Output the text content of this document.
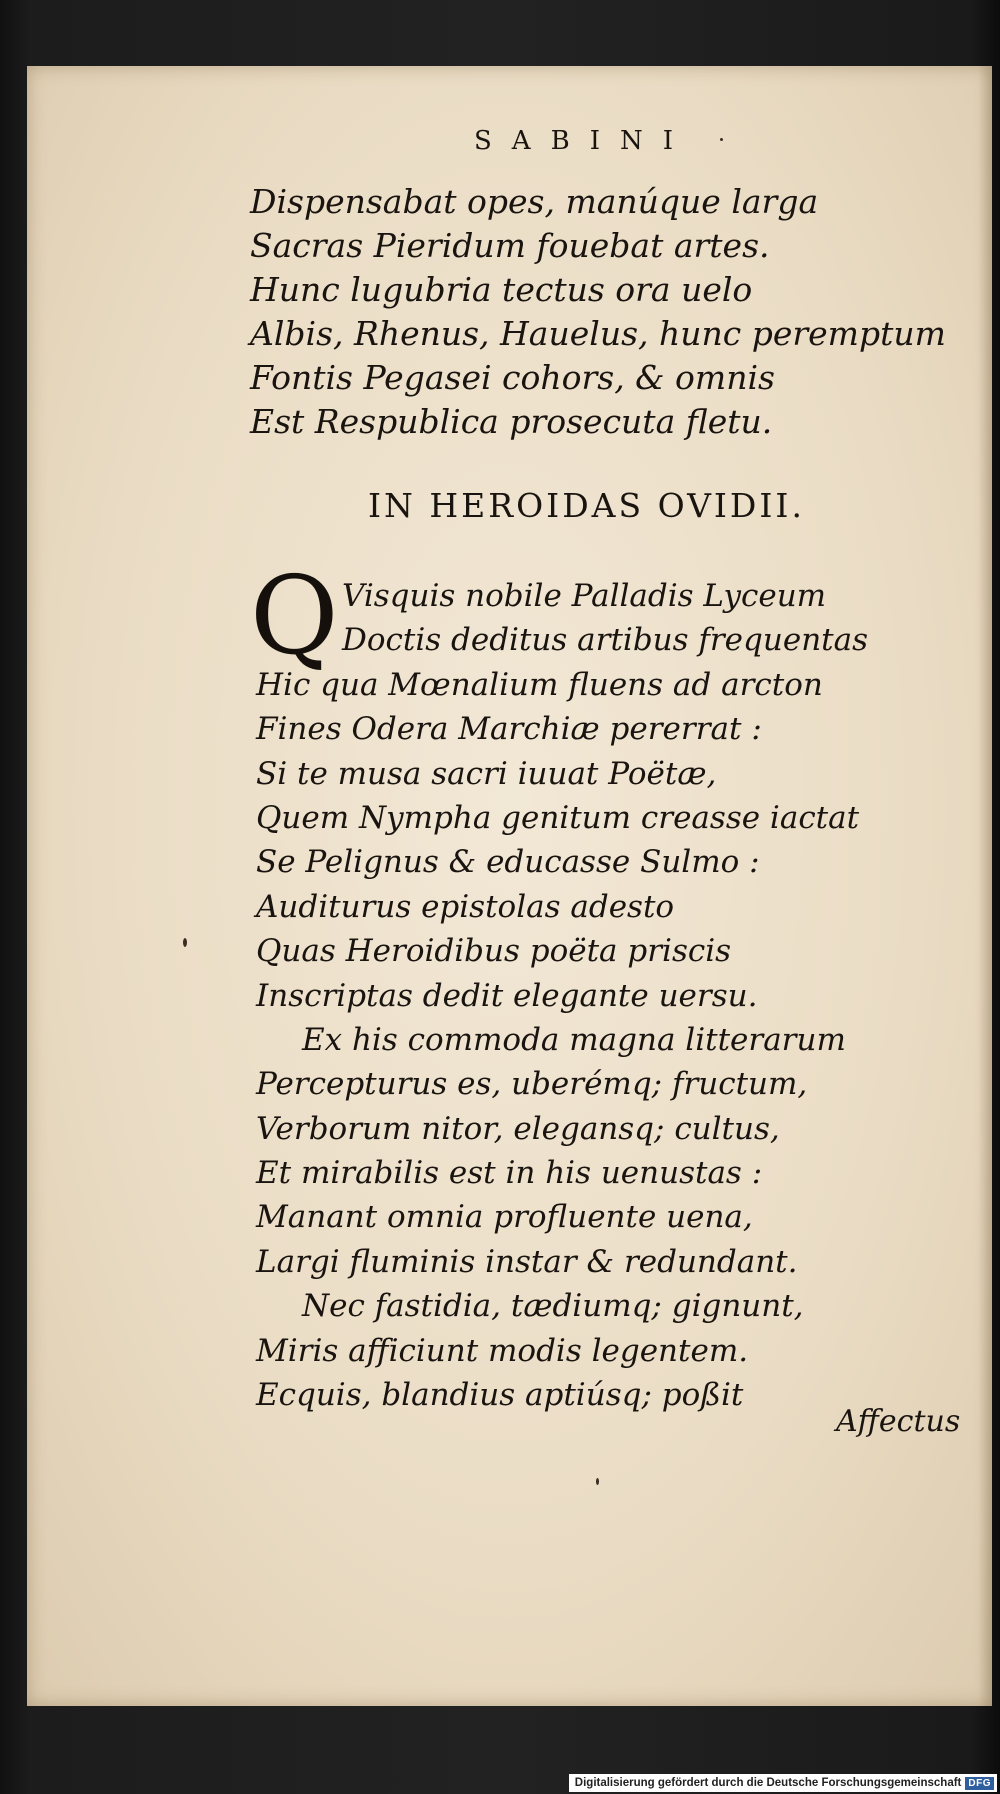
SABINI
Dispensabat opes, manúque larga
Sacras Pieridum fouebat artes.
Hunc lugubria tectus ora uelo
Albis, Rhenus, Hauelus, hunc peremptum
Fontis Pegasei cohors, & omnis
Est Respublica prosecuta fletu.
IN HEROIDAS OVIDII.
Q Visquis nobile Palladis Lyceum
Doctis deditus artibus frequentas
Hic qua Mœnalium fluens ad arcton
Fines Odera Marchiæ pererrat :
Si te musa sacri iuuat Poëtæ,
Quem Nympha genitum creasse iactat
Se Pelignus & educasse Sulmo :
Auditurus epistolas adesto
Quas Heroidibus poëta priscis
Inscriptas dedit elegante uersu.
Ex his commoda magna litterarum
Percepturus es, uberémq; fructum,
Verborum nitor, elegansq; cultus,
Et mirabilis est in his uenustas :
Manant omnia profluente uena,
Largi fluminis instar & redundant.
Nec fastidia, tædiumq; gignunt,
Miris afficiunt modis legentem.
Ecquis, blandius aptiúsq; poßit
Affectus
Digitalisierung gefördert durch die Deutsche Forschungsgemeinschaft DFG
